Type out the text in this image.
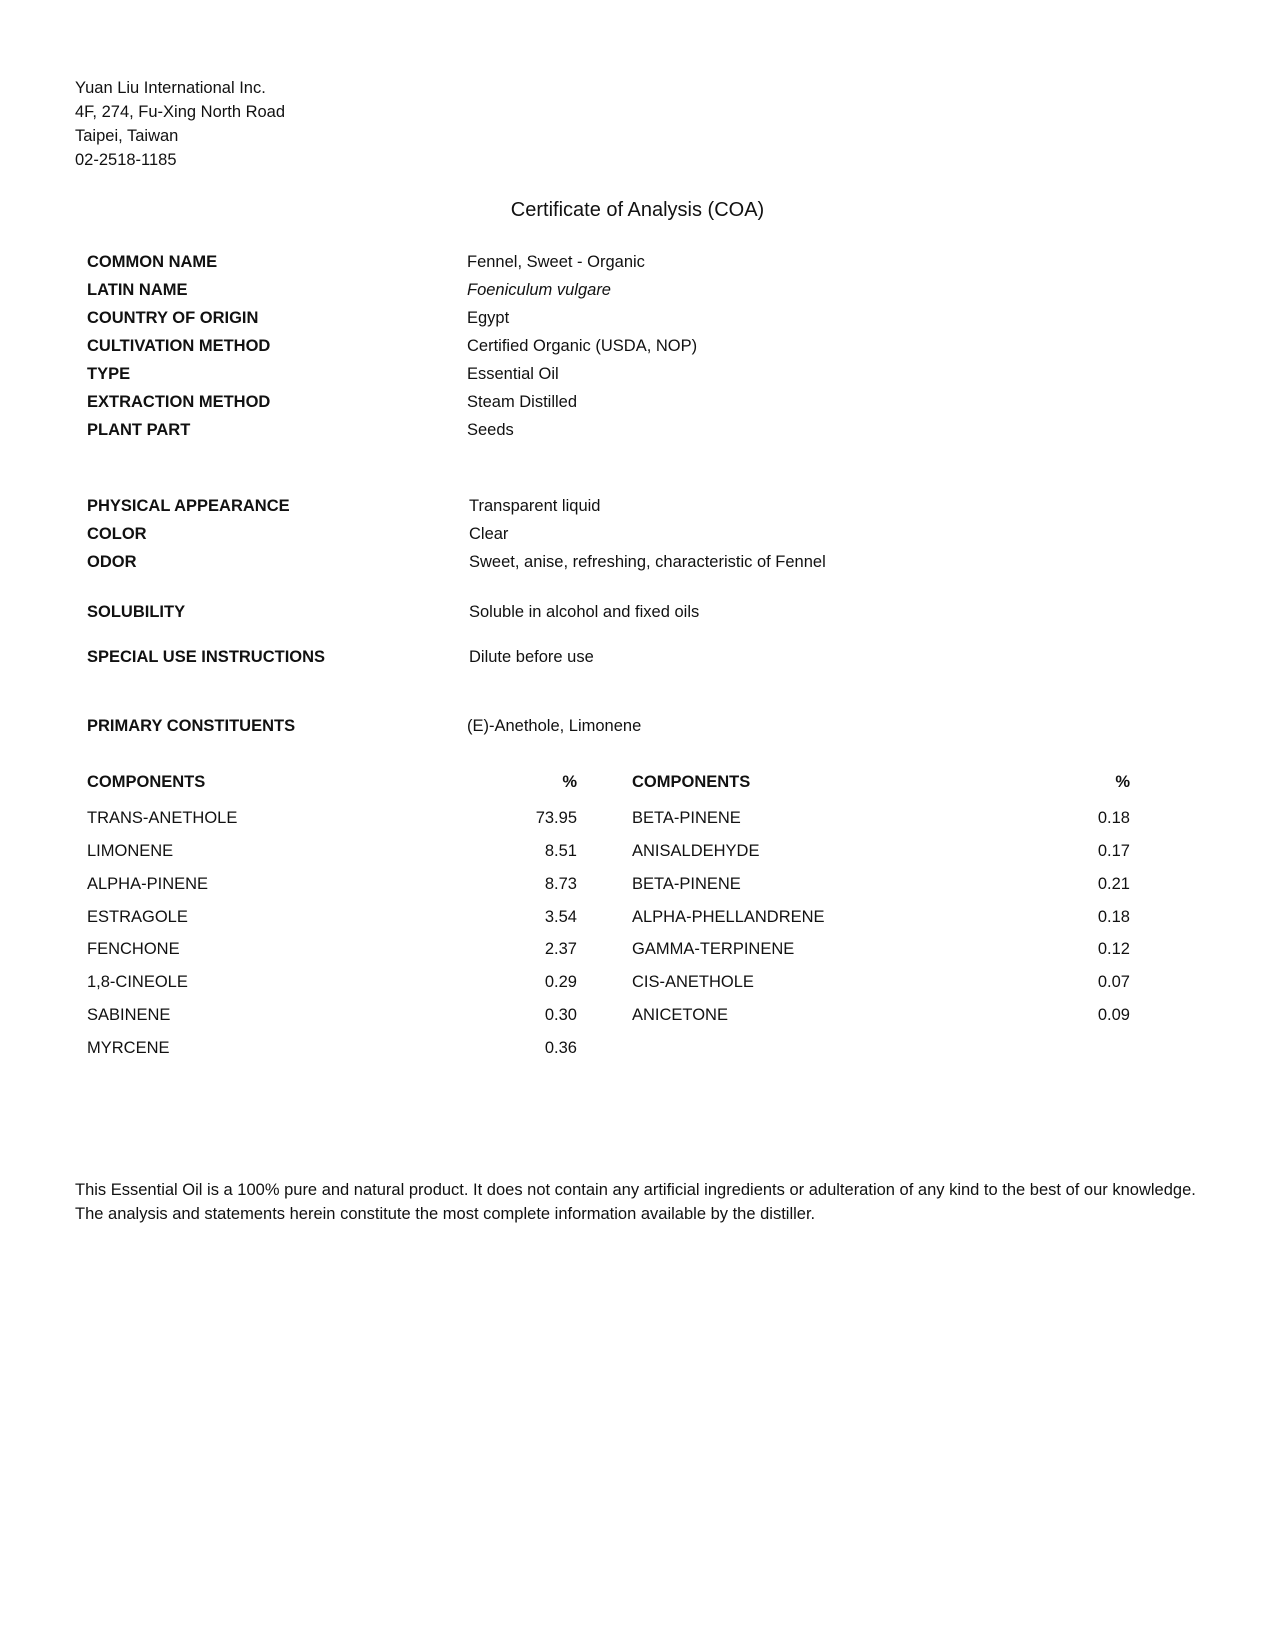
Yuan Liu International Inc.
4F, 274, Fu-Xing North Road
Taipei, Taiwan
02-2518-1185
Certificate of Analysis (COA)
COMMON NAME	Fennel, Sweet - Organic
LATIN NAME	Foeniculum vulgare
COUNTRY OF ORIGIN	Egypt
CULTIVATION METHOD	Certified Organic (USDA, NOP)
TYPE	Essential Oil
EXTRACTION METHOD	Steam Distilled
PLANT PART	Seeds
PHYSICAL APPEARANCE	Transparent liquid
COLOR	Clear
ODOR	Sweet, anise, refreshing, characteristic of Fennel
SOLUBILITY	Soluble in alcohol and fixed oils
SPECIAL USE INSTRUCTIONS	Dilute before use
PRIMARY CONSTITUENTS	(E)-Anethole, Limonene
COMPONENTS	%
TRANS-ANETHOLE	73.95
LIMONENE	8.51
ALPHA-PINENE	8.73
ESTRAGOLE	3.54
FENCHONE	2.37
1,8-CINEOLE	0.29
SABINENE	0.30
MYRCENE	0.36
COMPONENTS	%
BETA-PINENE	0.18
ANISALDEHYDE	0.17
BETA-PINENE	0.21
ALPHA-PHELLANDRENE	0.18
GAMMA-TERPINENE	0.12
CIS-ANETHOLE	0.07
ANICETONE	0.09
This Essential Oil is a 100% pure and natural product. It does not contain any artificial ingredients or adulteration of any kind to the best of our knowledge. The analysis and statements herein constitute the most complete information available by the distiller.
